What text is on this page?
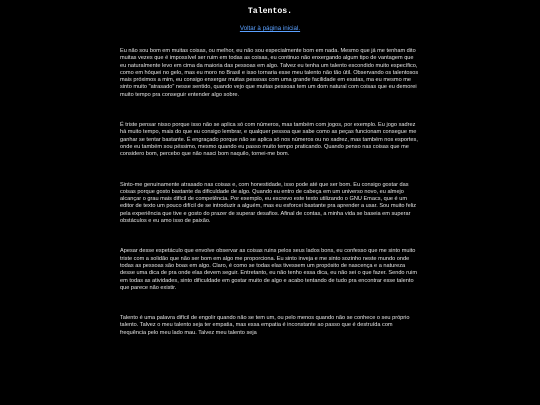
Talentos.
Voltar à página inicial.

Eu não sou bom em muitas coisas, ou melhor, eu não sou especialmente bom em nada. Mesmo que já me tenham dito muitas vezes que é impossível ser ruim em todas as coisas, eu continuo não enxergando algum tipo de vantagem que eu naturalmente levo em cima da maioria das pessoas em algo. Talvez eu tenha um talento escondido muito específico, como em hóquei no gelo, mas eu moro no Brasil e isso tornaria esse meu talento não tão útil. Observando os talentosos mais próximos a mim, eu consigo enxergar muitas pessoas com uma grande facilidade em exatas, ma eu mesmo me sinto muito "atrasado" nesse sentido, quando vejo que muitas pessoas tem um dom natural com coisas que eu demorei muito tempo pra conseguir entender algo sobre.

É triste pensar nisso porque isso não se aplica só com números, mas também com jogos, por exemplo. Eu jogo xadrez há muito tempo, mais do que eu consigo lembrar, e qualquer pessoa que sabe como as peças funcionam consegue me ganhar se tentar bastante. É engraçado porque não se aplica só nos números ou no xadrez, mas também nos esportes, onde eu também sou péssimo, mesmo quando eu passo muito tempo praticando. Quando penso nas coisas que me considero bom, percebo que não nasci bom naquilo, tornei-me bom.

Sinto-me genuinamente atrasado nas coisas e, com honestidade, isso pode até que ser bom. Eu consigo gostar das coisas porque gosto bastante da dificuldade de algo. Quando eu entro de cabeça em um universo novo, eu almejo alcançar o grau mais difícil de competência. Por exemplo, eu escrevo este texto utilizando o GNU Emacs, que é um editor de texto um pouco difícil de se introduzir a alguém, mas eu esforcei bastante pra aprender a usar. Sou muito feliz pela experiência que tive e gosto do prazer de superar desafios. Afinal de contas, a minha vida se baseia em superar obstáculos e eu amo isso de paixão.

Apesar desse espetáculo que envolve observar as coisas ruins pelos seus lados bons, eu confesso que me sinto muito triste com a solidão que não ser bom em algo me proporciona. Eu sinto inveja e me sinto sozinho neste mundo onde todas as pessoas são boas em algo. Claro, é como se todas elas tivessem um propósito de nascença e a natureza desse uma dica de pra onde elas devem seguir. Entretanto, eu não tenho essa dica, eu não sei o que fazer. Sendo ruim em todas as atividades, sinto dificuldade em gostar muito de algo e acabo tentando de tudo pra encontrar esse talento que parece não existir.

Talento é uma palavra difícil de engolir quando não se tem um, ou pelo menos quando não se conhece o seu próprio talento. Talvez o meu talento seja ter empatia, mas essa empatia é inconstante ao passo que é destruída com frequência pelo meu lado mau. Talvez meu talento seja
